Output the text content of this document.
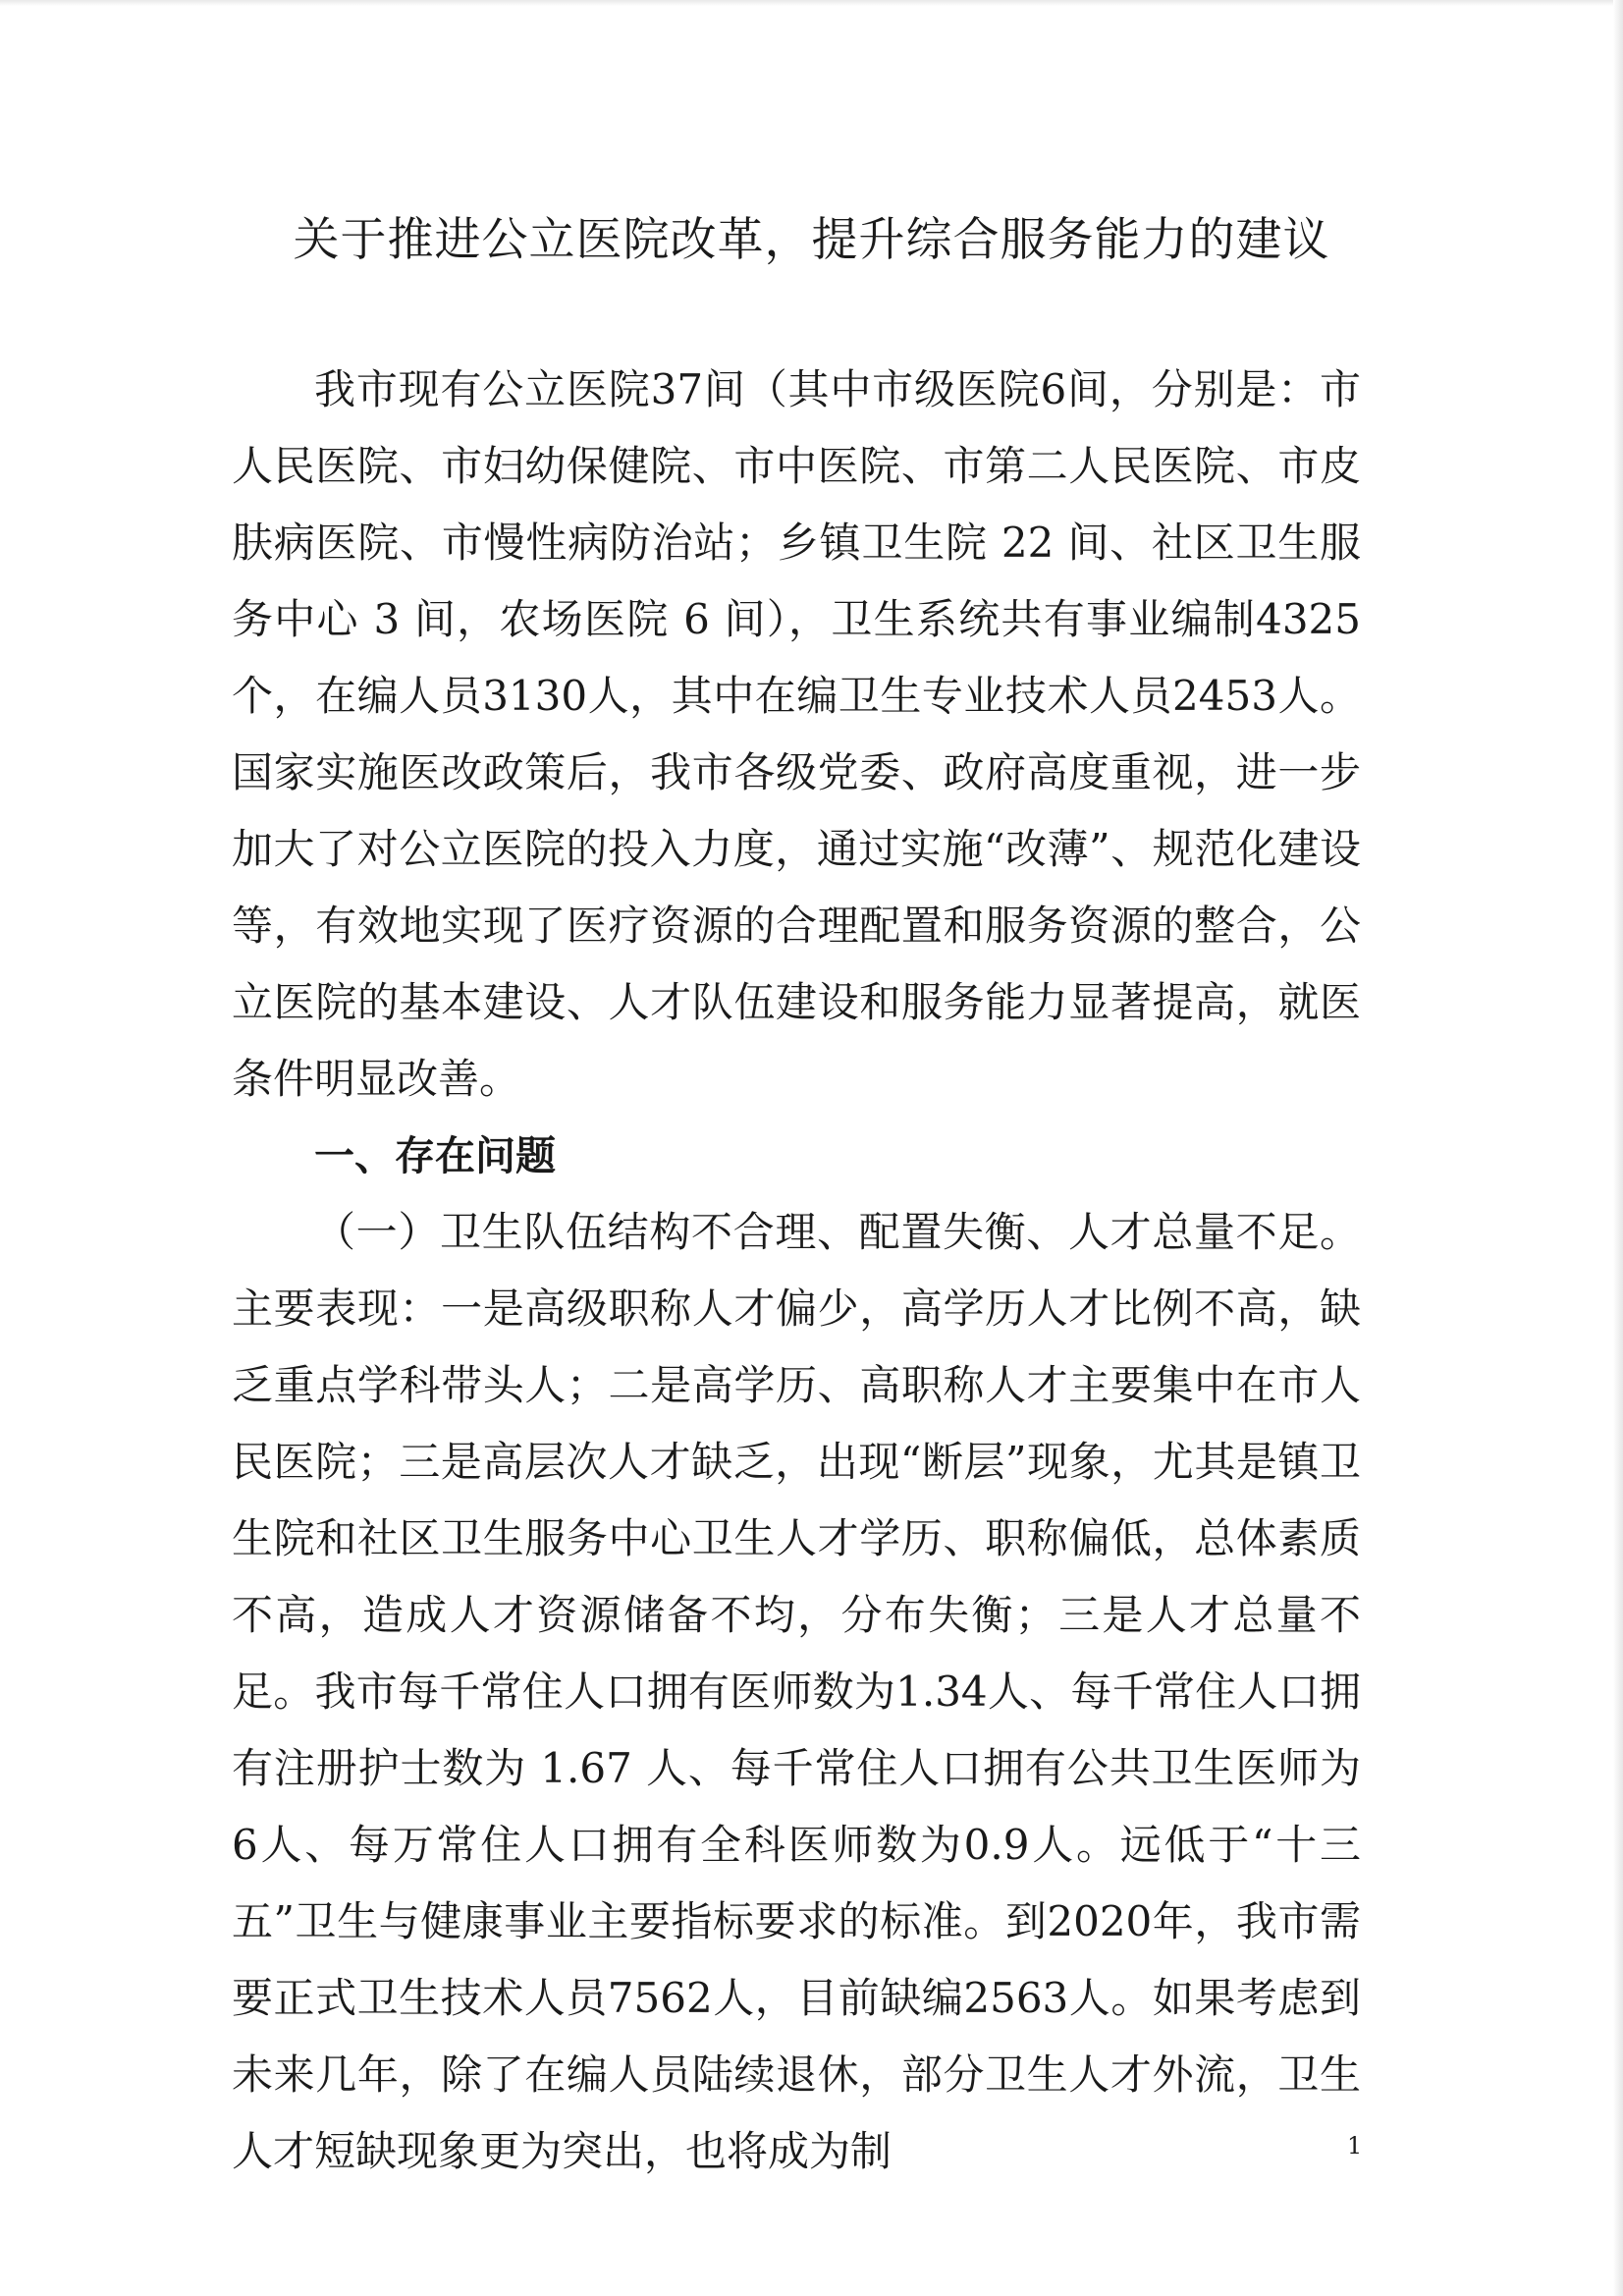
关于推进公立医院改革，提升综合服务能力的建议

我市现有公立医院37间（其中市级医院6间，分别是：市人民医院、市妇幼保健院、市中医院、市第二人民医院、市皮肤病医院、市慢性病防治站；乡镇卫生院 22 间、社区卫生服务中心 3 间，农场医院 6 间），卫生系统共有事业编制4325个，在编人员3130人，其中在编卫生专业技术人员2453人。国家实施医改政策后，我市各级党委、政府高度重视，进一步加大了对公立医院的投入力度，通过实施“改薄”、规范化建设等，有效地实现了医疗资源的合理配置和服务资源的整合，公立医院的基本建设、人才队伍建设和服务能力显著提高，就医条件明显改善。

一、存在问题

（一）卫生队伍结构不合理、配置失衡、人才总量不足。主要表现：一是高级职称人才偏少，高学历人才比例不高，缺乏重点学科带头人；二是高学历、高职称人才主要集中在市人民医院；三是高层次人才缺乏，出现“断层”现象，尤其是镇卫生院和社区卫生服务中心卫生人才学历、职称偏低，总体素质不高，造成人才资源储备不均，分布失衡；三是人才总量不足。我市每千常住人口拥有医师数为1.34人、每千常住人口拥有注册护士数为 1.67 人、每千常住人口拥有公共卫生医师为6人、每万常住人口拥有全科医师数为0.9人。远低于“十三五”卫生与健康事业主要指标要求的标准。到2020年，我市需要正式卫生技术人员7562人，目前缺编2563人。如果考虑到未来几年，除了在编人员陆续退休，部分卫生人才外流，卫生人才短缺现象更为突出，也将成为制	1
